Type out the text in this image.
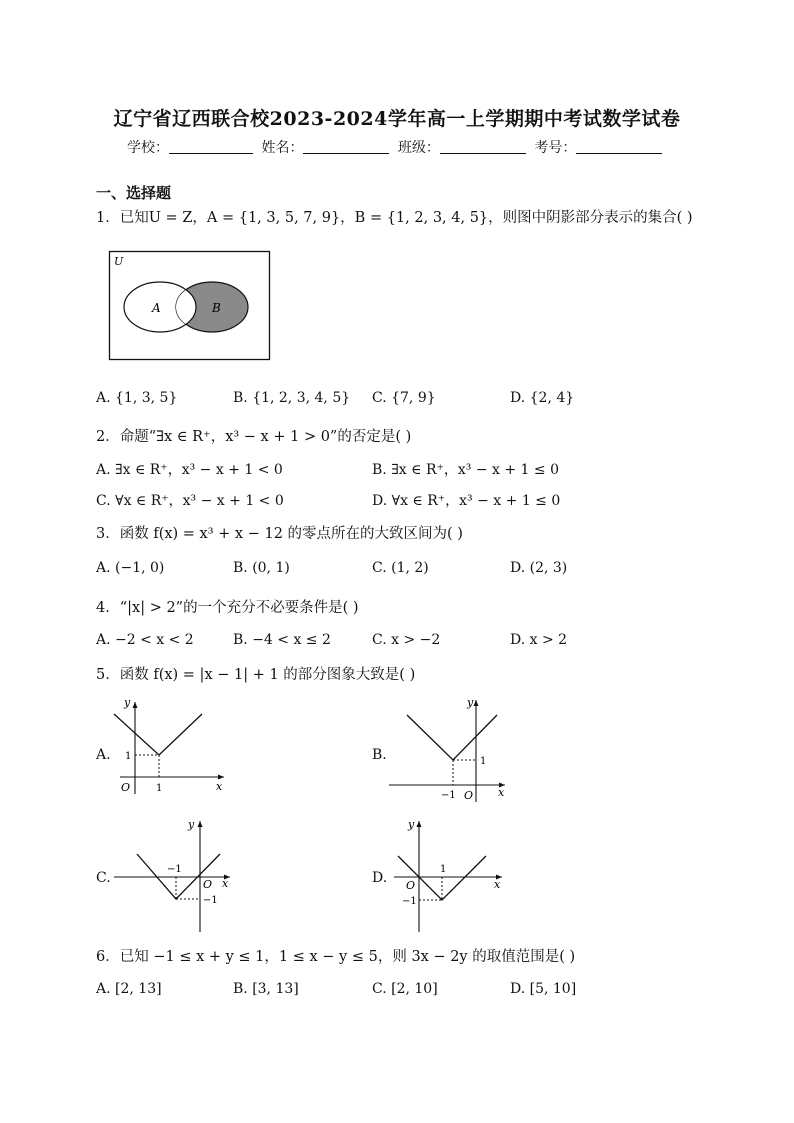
辽宁省辽西联合校2023-2024学年高一上学期期中考试数学试卷
学校：	姓名：	班级：	考号：
一、选择题
1．已知U = Z，A = {1, 3, 5, 7, 9}，B = {1, 2, 3, 4, 5}，则图中阴影部分表示的集合( )
U
A	B
A. {1, 3, 5}	B. {1, 2, 3, 4, 5} C. {7, 9}	D. {2, 4}
2．命题“∃x ∈ R⁺，x³ − x + 1 > 0”的否定是( )
A. ∃x ∈ R⁺，x³ − x + 1 < 0	B. ∃x ∈ R⁺，x³ − x + 1 ≤ 0
C. ∀x ∈ R⁺，x³ − x + 1 < 0	D. ∀x ∈ R⁺，x³ − x + 1 ≤ 0
3．函数 f(x) = x³ + x − 12 的零点所在的大致区间为( )
A. (−1, 0)	B. (0, 1)	C. (1, 2)	D. (2, 3)
4．“|x| > 2”的一个充分不必要条件是( )
A. −2 < x < 2	B. −4 < x ≤ 2	C. x > −2	D. x > 2
5．函数 f(x) = |x − 1| + 1 的部分图象大致是( )
A.
y
x
O
1
1
B.
y
x
O
1
−1
C.
y
x
O
−1
−1
D.
y
x
O
1
−1
6．已知 −1 ≤ x + y ≤ 1，1 ≤ x − y ≤ 5，则 3x − 2y 的取值范围是( )
A. [2, 13]	B. [3, 13]	C. [2, 10]	D. [5, 10]
